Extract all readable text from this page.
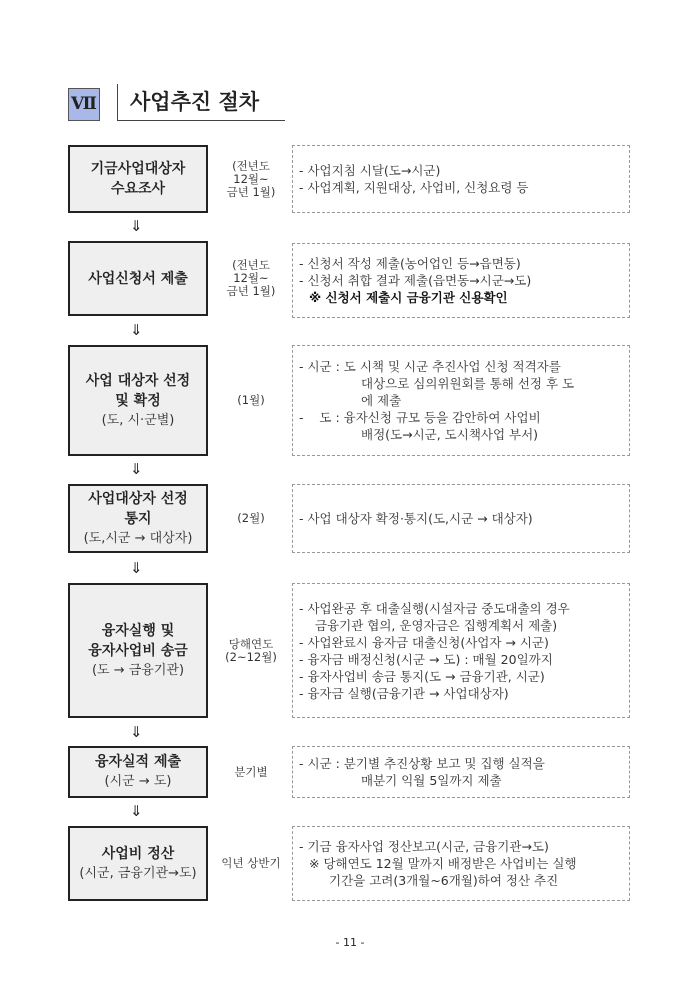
Ⅶ	사업추진 절차
기금사업대상자
수요조사
(전년도
12월~
금년 1월)
- 사업지침 시달(도→시군)
- 사업계획, 지원대상, 사업비, 신청요령 등
⇓
사업신청서 제출
(전년도
12월~
금년 1월)
- 신청서 작성 제출(농어업인 등→읍면동)
- 신청서 취합 결과 제출(읍면동→시군→도)
※ 신청서 제출시 금융기관 신용확인
⇓
사업 대상자 선정
및 확정
(도, 시·군별)
(1월)
- 시군 : 도 시책 및 시군 추진사업 신청 적격자를
대상으로 심의위원회를 통해 선정 후 도
에 제출
-    도 : 융자신청 규모 등을 감안하여 사업비
배정(도→시군, 도시책사업 부서)
⇓
사업대상자 선정
통지
(도,시군 → 대상자)
(2월)	- 사업 대상자 확정·통지(도,시군 → 대상자)
⇓
융자실행 및
융자사업비 송금
(도 → 금융기관)
당해연도
(2~12월)
- 사업완공 후 대출실행(시설자금 중도대출의 경우
금융기관 협의, 운영자금은 집행계획서 제출)
- 사업완료시 융자금 대출신청(사업자 → 시군)
- 융자금 배정신청(시군 → 도) : 매월 20일까지
- 융자사업비 송금 통지(도 → 금융기관, 시군)
- 융자금 실행(금융기관 → 사업대상자)
⇓
융자실적 제출
(시군 → 도)
분기별
- 시군 : 분기별 추진상황 보고 및 집행 실적을
매분기 익월 5일까지 제출
⇓
사업비 정산
(시군, 금융기관→도)
익년 상반기
- 기금 융자사업 정산보고(시군, 금융기관→도)
※ 당해연도 12월 말까지 배정받은 사업비는 실행
기간을 고려(3개월~6개월)하여 정산 추진
- 11 -
